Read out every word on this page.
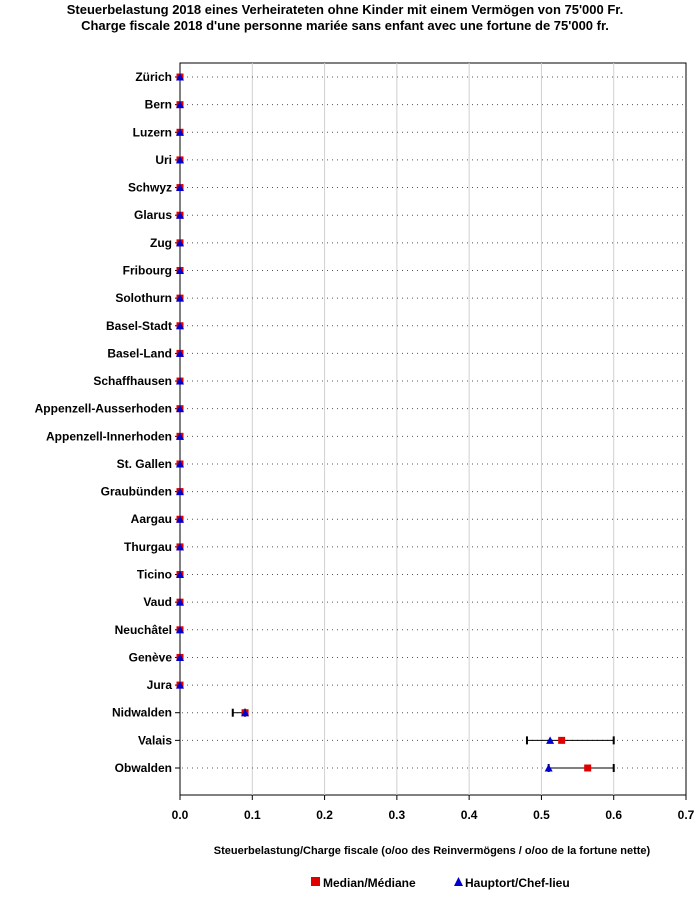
Steuerbelastung 2018 eines Verheirateten ohne Kinder mit einem Vermögen von 75'000 Fr.
Charge fiscale 2018 d'une personne mariée sans enfant avec une fortune de 75'000 fr.
Zürich
Bern
Luzern
Uri
Schwyz
Glarus
Zug
Fribourg
Solothurn
Basel-Stadt
Basel-Land
Schaffhausen
Appenzell-Ausserhoden
Appenzell-Innerhoden
St. Gallen
Graubünden
Aargau
Thurgau
Ticino
Vaud
Neuchâtel
Genève
Jura
Nidwalden
Valais
Obwalden
0.0	0.1	0.2	0.3	0.4	0.5	0.6	0.7
Steuerbelastung/Charge fiscale (o/oo des Reinvermögens / o/oo de la fortune nette)
Median/Médiane	Hauptort/Chef-lieu
